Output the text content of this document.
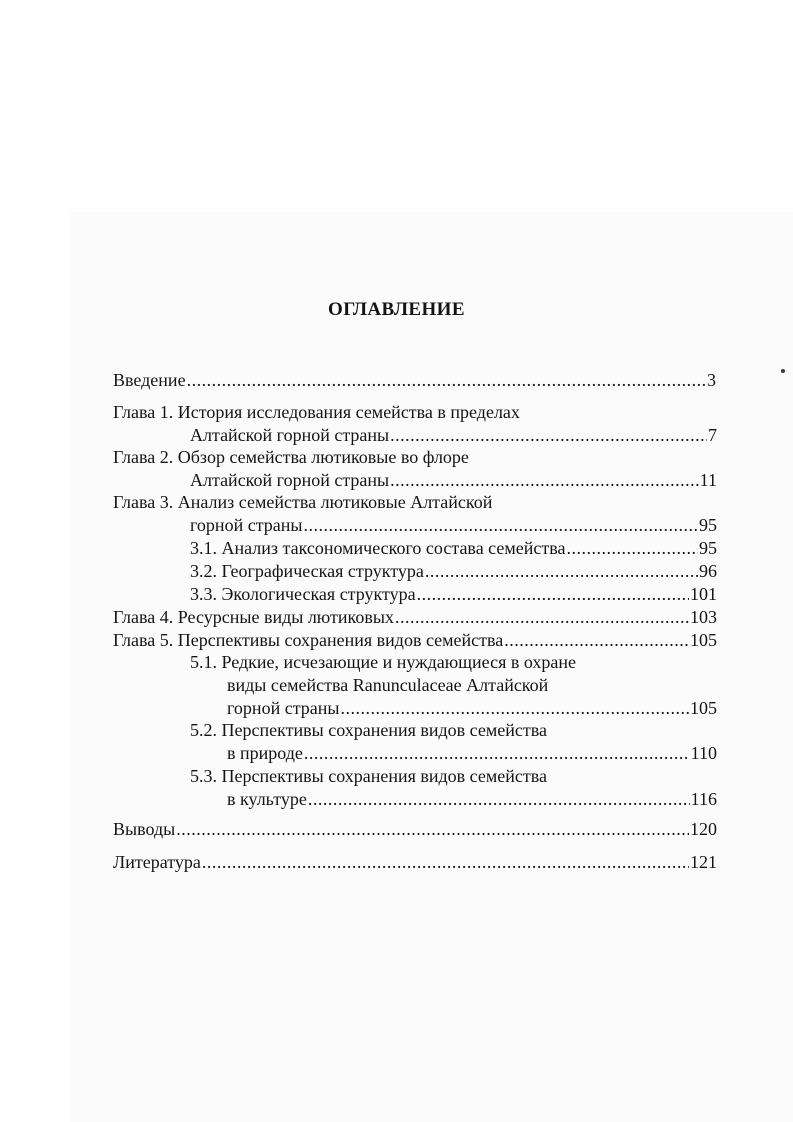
ОГЛАВЛЕНИЕ
Введение .....	3
Глава 1. История исследования семейства в пределах
Алтайской горной страны .....	7
Глава 2. Обзор семейства лютиковые во флоре
Алтайской горной страны .....	11
Глава 3. Анализ семейства лютиковые Алтайской
горной страны .....	95
3.1. Анализ таксономического состава семейства .....	95
3.2. Географическая структура .....	96
3.3. Экологическая структура .....	101
Глава 4. Ресурсные виды лютиковых .....	103
Глава 5. Перспективы сохранения видов семейства .....	105
5.1. Редкие, исчезающие и нуждающиеся в охране
виды семейства Ranunculaceae Алтайской
горной страны .....	105
5.2. Перспективы сохранения видов семейства
в природе .....	110
5.3. Перспективы сохранения видов семейства
в культуре .....	116
Выводы .....	120
Литература .....	121
